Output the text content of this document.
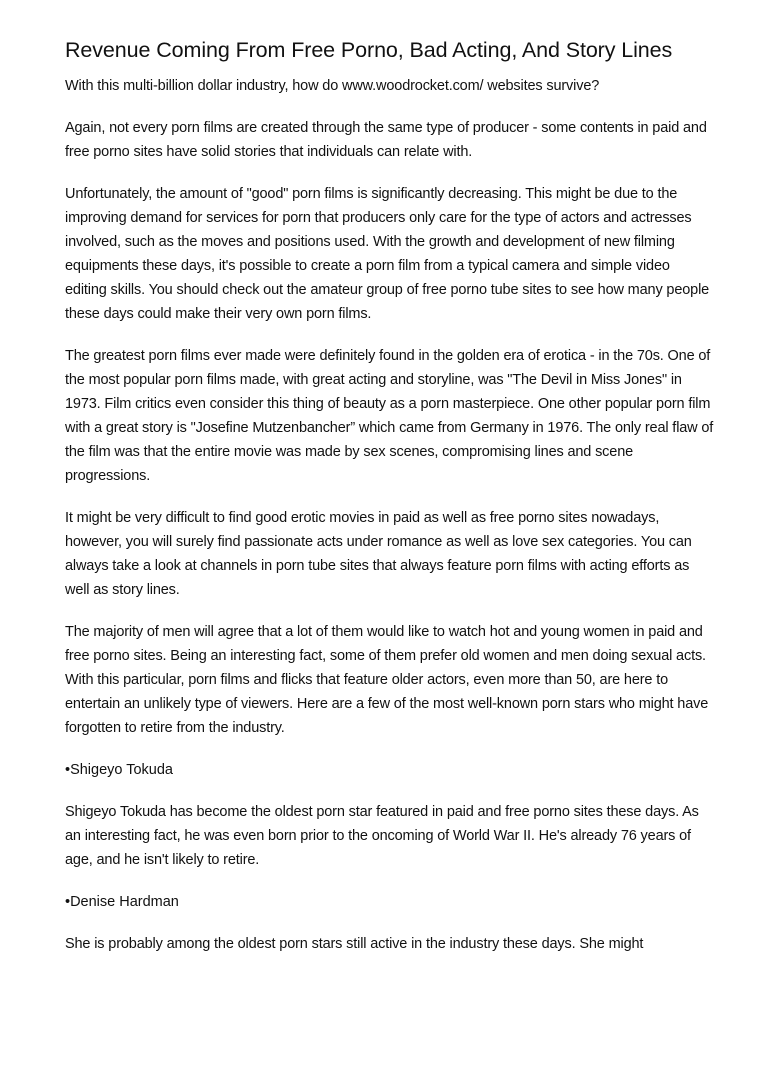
Revenue Coming From Free Porno, Bad Acting, And Story Lines

With this multi-billion dollar industry, how do www.woodrocket.com/ websites survive?

Again, not every porn films are created through the same type of producer - some contents in paid and free porno sites have solid stories that individuals can relate with.

Unfortunately, the amount of "good" porn films is significantly decreasing. This might be due to the improving demand for services for porn that producers only care for the type of actors and actresses involved, such as the moves and positions used. With the growth and development of new filming equipments these days, it's possible to create a porn film from a typical camera and simple video editing skills. You should check out the amateur group of free porno tube sites to see how many people these days could make their very own porn films.

The greatest porn films ever made were definitely found in the golden era of erotica - in the 70s. One of the most popular porn films made, with great acting and storyline, was "The Devil in Miss Jones" in 1973. Film critics even consider this thing of beauty as a porn masterpiece. One other popular porn film with a great story is "Josefine Mutzenbancher” which came from Germany in 1976. The only real flaw of the film was that the entire movie was made by sex scenes, compromising lines and scene progressions.

It might be very difficult to find good erotic movies in paid as well as free porno sites nowadays, however, you will surely find passionate acts under romance as well as love sex categories. You can always take a look at channels in porn tube sites that always feature porn films with acting efforts as well as story lines.

The majority of men will agree that a lot of them would like to watch hot and young women in paid and free porno sites. Being an interesting fact, some of them prefer old women and men doing sexual acts. With this particular, porn films and flicks that feature older actors, even more than 50, are here to entertain an unlikely type of viewers. Here are a few of the most well-known porn stars who might have forgotten to retire from the industry.

•Shigeyo Tokuda

Shigeyo Tokuda has become the oldest porn star featured in paid and free porno sites these days. As an interesting fact, he was even born prior to the oncoming of World War II. He's already 76 years of age, and he isn't likely to retire.

•Denise Hardman

She is probably among the oldest porn stars still active in the industry these days. She might
